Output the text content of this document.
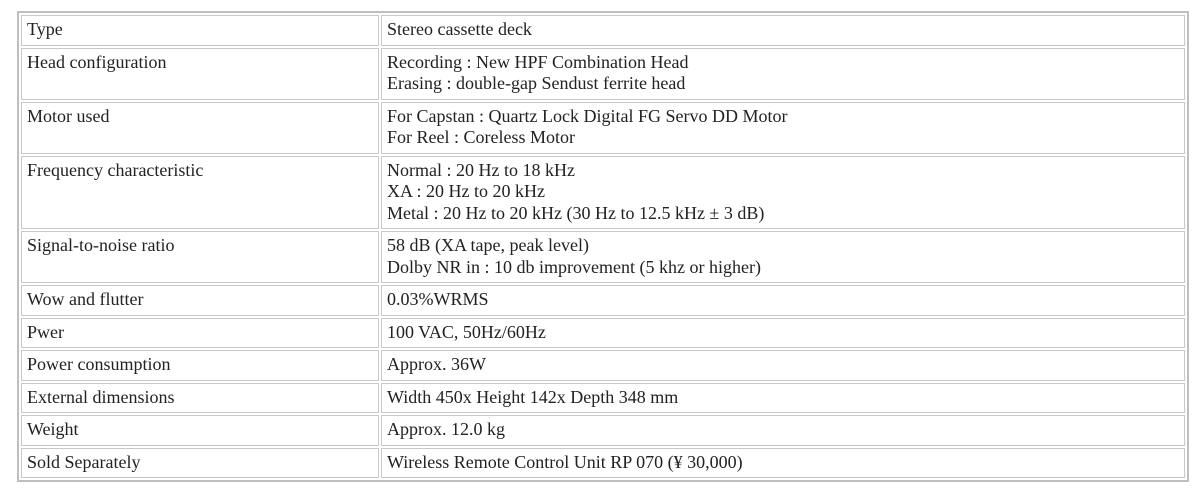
Type	Stereo cassette deck
Head configuration	Recording : New HPF Combination Head
Erasing : double-gap Sendust ferrite head
Motor used	For Capstan : Quartz Lock Digital FG Servo DD Motor
For Reel : Coreless Motor
Frequency characteristic	Normal : 20 Hz to 18 kHz
XA : 20 Hz to 20 kHz
Metal : 20 Hz to 20 kHz (30 Hz to 12.5 kHz ± 3 dB)
Signal-to-noise ratio	58 dB (XA tape, peak level)
Dolby NR in : 10 db improvement (5 khz or higher)
Wow and flutter	0.03%WRMS
Pwer	100 VAC, 50Hz/60Hz
Power consumption	Approx. 36W
External dimensions	Width 450x Height 142x Depth 348 mm
Weight	Approx. 12.0 kg
Sold Separately	Wireless Remote Control Unit RP 070 (¥ 30,000)
